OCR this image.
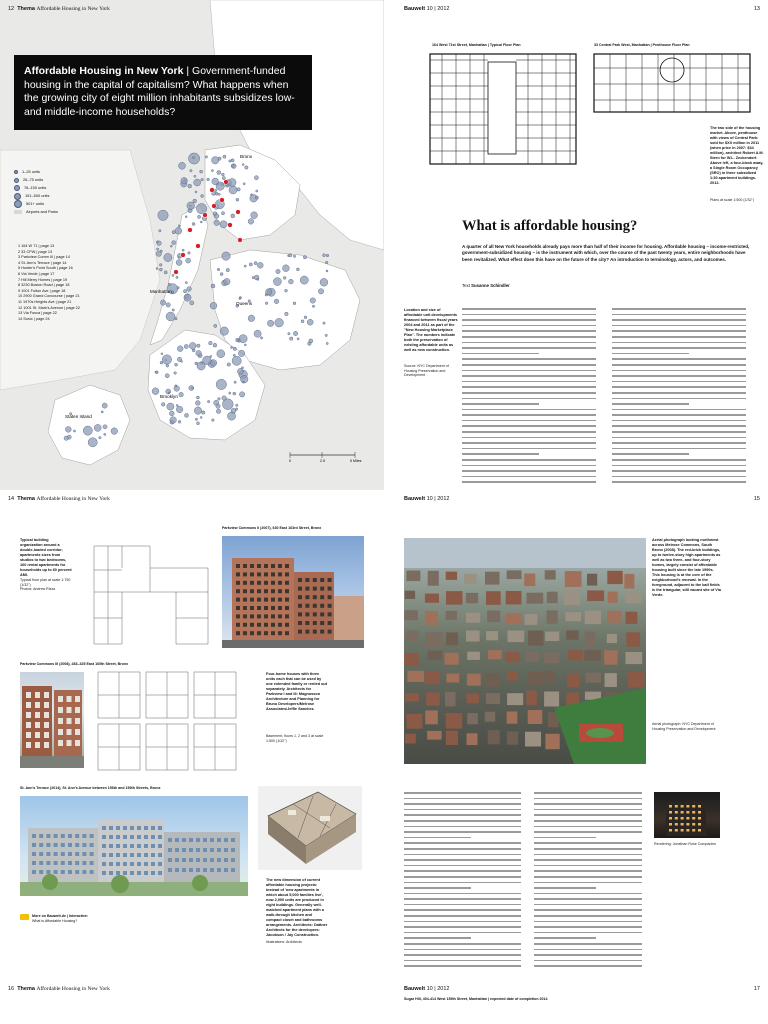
12 Thema Affordable Housing in New York
0	2.5	5 Miles
Bronx
Manhattan
Queens
Brooklyn
Staten Island
Affordable Housing in New York | Government-funded housing in the capital of capitalism? What happens when the growing city of eight million inhabitants subsidizes low- and middle-income households?
1–25 units
26–75 units
76–150 units
151–500 units
501+ units
Airports and Parks
1 164 W 71 | page 13
2 33 CPW | page 13
3 Parkview Comm III | page 14
4 St. Ann's Terrace | page 14
5 Hunter's Point South | page 16
6 Via Verde | page 17
7 Hill Merry Homes | page 19
8 3230 Boston Road | page 18
9 1001 Fulton Ave | page 18
10 2900 Grand Concourse | page 21
11 1970s Heights Ave | page 21
12 1001 St. Mark's Avenue | page 22
13 Via Fusca | page 22
14 Sonic | page 24
Bauwelt 10 | 2012	13
164 West 71st Street, Manhattan | Typical Floor Plan	33 Central Park West, Manhattan | Penthouse Floor Plan
The two side of the housing market. Above, penthouse with views of Central Park: sold for $XX million in 2011 (when price in 2007: $34 million), architect Robert A.M. Stern for W.L. Zeckendorf. Above left, a four-block away, a Single Room Occupancy (SRO) in three subsidized 1:30 apartment buildings. 2012.
Plans at scale 1:500 (1/32")
What is affordable housing?
A quarter of all New York households already pays more than half of their income for housing. Affordable housing – income-restricted, government-subsidized housing – is the instrument with which, over the course of the past twenty years, entire neighborhoods have been revitalized. What effect does this have on the future of the city? An introduction to terminology, actors, and outcomes.
Text Susanne Schindler
Location and size of affordable unit developments financed between fiscal years 2004 and 2011 as part of the "New Housing Marketplace Plan". The numbers indicate both the preservation of existing affordable units as well as new construction.
Source: NYC Department of Housing Preservation and Development
14 Thema Affordable Housing in New York
Typical building organization around a double-loaded corridor; apartments sizes from studios to two bedrooms, 160 rental apartments for households up to 60 percent AMI.
Typical floor plan at scale 1:750 (1/32")
Photos: Andrew Rizza
Parkview Commons II (2007), 630 East 163rd Street, Bronx
Parkview Commons III (2008), 283–325 East 160th Street, Bronx
Four-home houses with three units each that can be used by one extended family or rented out separately. Architects for Parkview I and III: Magnusson Architecture and Planning for Bruno Developers/Melrose Associates/Jeffie Sanchez.
Basement, floors 1, 2 and 3 at scale 1:500 (1/32")
St. Ann's Terrace (2014), St. Ann's Avenue between 156th and 159th Streets, Bronx
The new dimension of current affordable housing projects: instead of 'new apartments in which about 5,000 families live', now 2,000 units are produced in eight buildings. Generally well-matched apartment plans with a walk-through kitchen and compact closet and bathrooms arrangements. Architects: Dattner Architects for the developers: Jacobson / Jay Construction.
Illustrations: Architects
More on Bauwelt.de | Interactive:
What is Affordable Housing?
Bauwelt 10 | 2012	15
Aerial photograph looking northwest across Melrose Commons, South Bronx (2008). The red-brick buildings, up to twelve-story high apartments as well as two three- and four-story homes, largely consist of affordable housing built since the late 1990s. This housing is at the core of the neighborhood's renewal. In the foreground, adjacent to the ball fields is the triangular, still vacant site of Via Verde.
Aerial photograph: NYC Department of Housing Preservation and Development
Rendering: Jonathan Rose Companies
16 Thema Affordable Housing in New York	Bauwelt 10 | 2012	17
Sugar Hill, 404-414 West 155th Street, Manhattan | expected date of completion 2014
